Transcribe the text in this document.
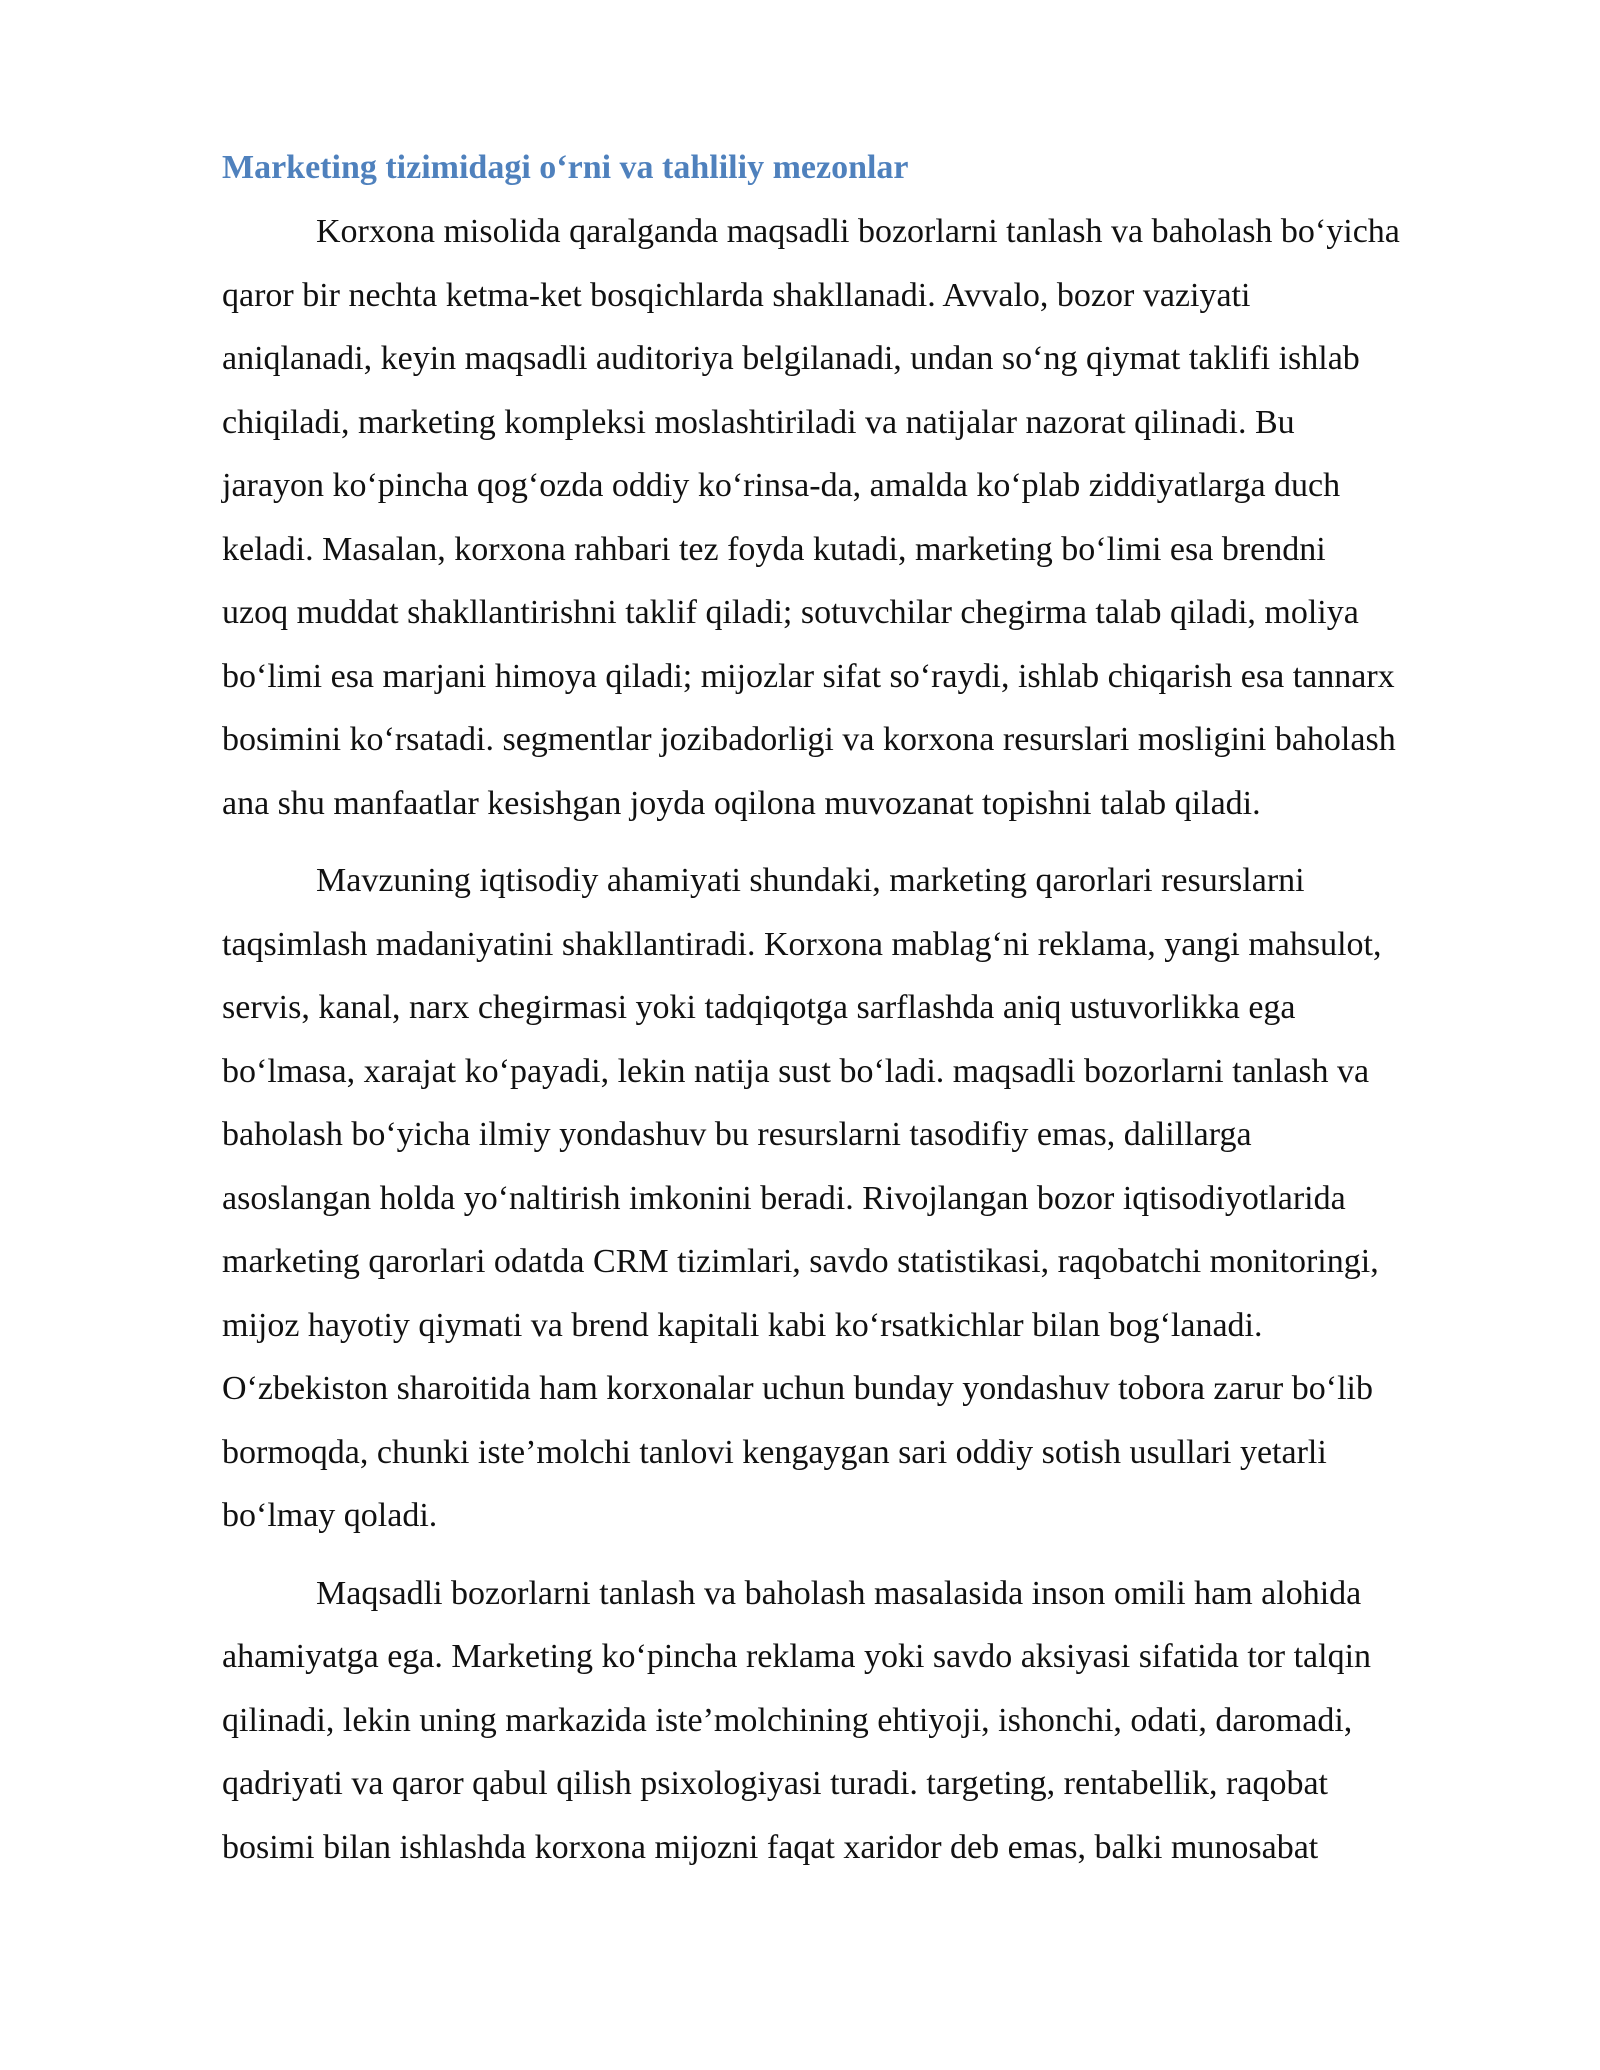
Marketing tizimidagi o‘rni va tahliliy mezonlar

Korxona misolida qaralganda maqsadli bozorlarni tanlash va baholash bo‘yicha
qaror bir nechta ketma-ket bosqichlarda shakllanadi. Avvalo, bozor vaziyati
aniqlanadi, keyin maqsadli auditoriya belgilanadi, undan so‘ng qiymat taklifi ishlab
chiqiladi, marketing kompleksi moslashtiriladi va natijalar nazorat qilinadi. Bu
jarayon ko‘pincha qog‘ozda oddiy ko‘rinsa-da, amalda ko‘plab ziddiyatlarga duch
keladi. Masalan, korxona rahbari tez foyda kutadi, marketing bo‘limi esa brendni
uzoq muddat shakllantirishni taklif qiladi; sotuvchilar chegirma talab qiladi, moliya
bo‘limi esa marjani himoya qiladi; mijozlar sifat so‘raydi, ishlab chiqarish esa tannarx
bosimini ko‘rsatadi. segmentlar jozibadorligi va korxona resurslari mosligini baholash
ana shu manfaatlar kesishgan joyda oqilona muvozanat topishni talab qiladi.

Mavzuning iqtisodiy ahamiyati shundaki, marketing qarorlari resurslarni
taqsimlash madaniyatini shakllantiradi. Korxona mablag‘ni reklama, yangi mahsulot,
servis, kanal, narx chegirmasi yoki tadqiqotga sarflashda aniq ustuvorlikka ega
bo‘lmasa, xarajat ko‘payadi, lekin natija sust bo‘ladi. maqsadli bozorlarni tanlash va
baholash bo‘yicha ilmiy yondashuv bu resurslarni tasodifiy emas, dalillarga
asoslangan holda yo‘naltirish imkonini beradi. Rivojlangan bozor iqtisodiyotlarida
marketing qarorlari odatda CRM tizimlari, savdo statistikasi, raqobatchi monitoringi,
mijoz hayotiy qiymati va brend kapitali kabi ko‘rsatkichlar bilan bog‘lanadi.
O‘zbekiston sharoitida ham korxonalar uchun bunday yondashuv tobora zarur bo‘lib
bormoqda, chunki iste’molchi tanlovi kengaygan sari oddiy sotish usullari yetarli
bo‘lmay qoladi.

Maqsadli bozorlarni tanlash va baholash masalasida inson omili ham alohida
ahamiyatga ega. Marketing ko‘pincha reklama yoki savdo aksiyasi sifatida tor talqin
qilinadi, lekin uning markazida iste’molchining ehtiyoji, ishonchi, odati, daromadi,
qadriyati va qaror qabul qilish psixologiyasi turadi. targeting, rentabellik, raqobat
bosimi bilan ishlashda korxona mijozni faqat xaridor deb emas, balki munosabat
